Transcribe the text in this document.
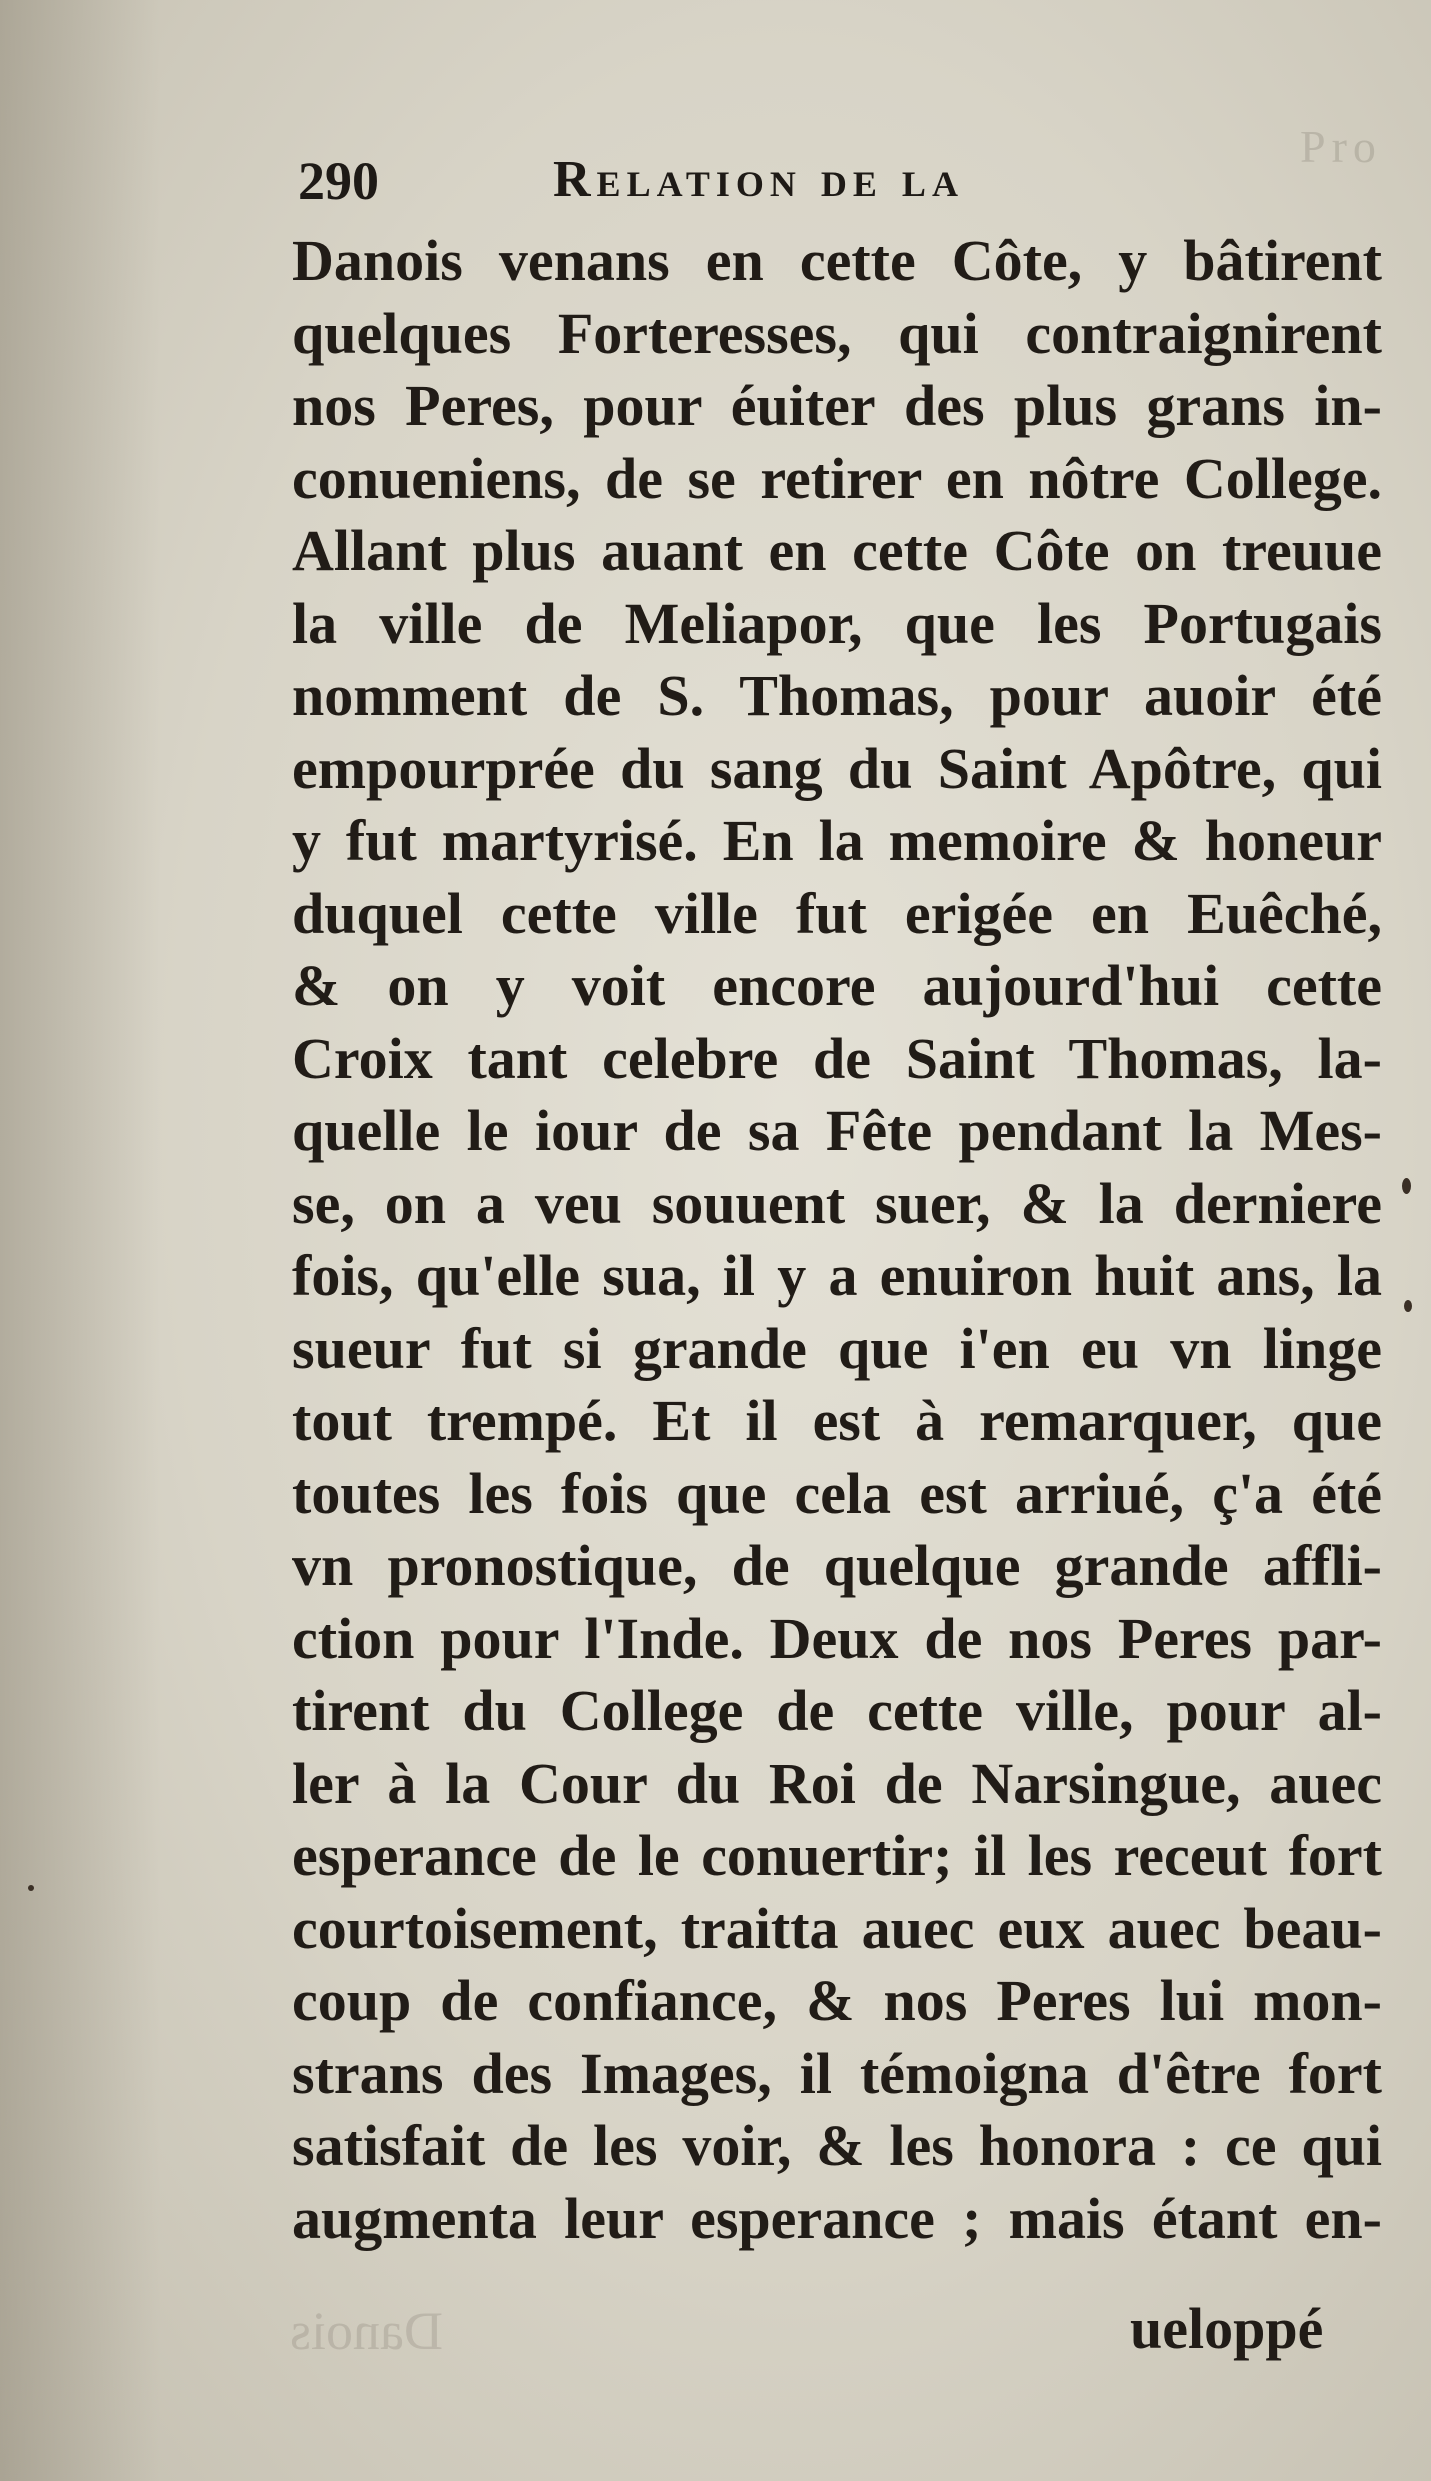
Pro
Danois
290	Relation de la
Danois venans en cette Côte, y bâtirent
quelques Forteresses, qui contraignirent
nos Peres, pour éuiter des plus grans in-
conueniens, de se retirer en nôtre College.
Allant plus auant en cette Côte on treuue
la ville de Meliapor, que les Portugais
nomment de S. Thomas, pour auoir été
empourprée du sang du Saint Apôtre, qui
y fut martyrisé. En la memoire & honeur
duquel cette ville fut erigée en Euêché,
& on y voit encore aujourd'hui cette
Croix tant celebre de Saint Thomas, la-
quelle le iour de sa Fête pendant la Mes-
se, on a veu souuent suer, & la derniere
fois, qu'elle sua, il y a enuiron huit ans, la
sueur fut si grande que i'en eu vn linge
tout trempé. Et il est à remarquer, que
toutes les fois que cela est arriué, ç'a été
vn pronostique, de quelque grande affli-
ction pour l'Inde. Deux de nos Peres par-
tirent du College de cette ville, pour al-
ler à la Cour du Roi de Narsingue, auec
esperance de le conuertir; il les receut fort
courtoisement, traitta auec eux auec beau-
coup de confiance, & nos Peres lui mon-
strans des Images, il témoigna d'être fort
satisfait de les voir, & les honora : ce qui
augmenta leur esperance ; mais étant en-
ueloppé
